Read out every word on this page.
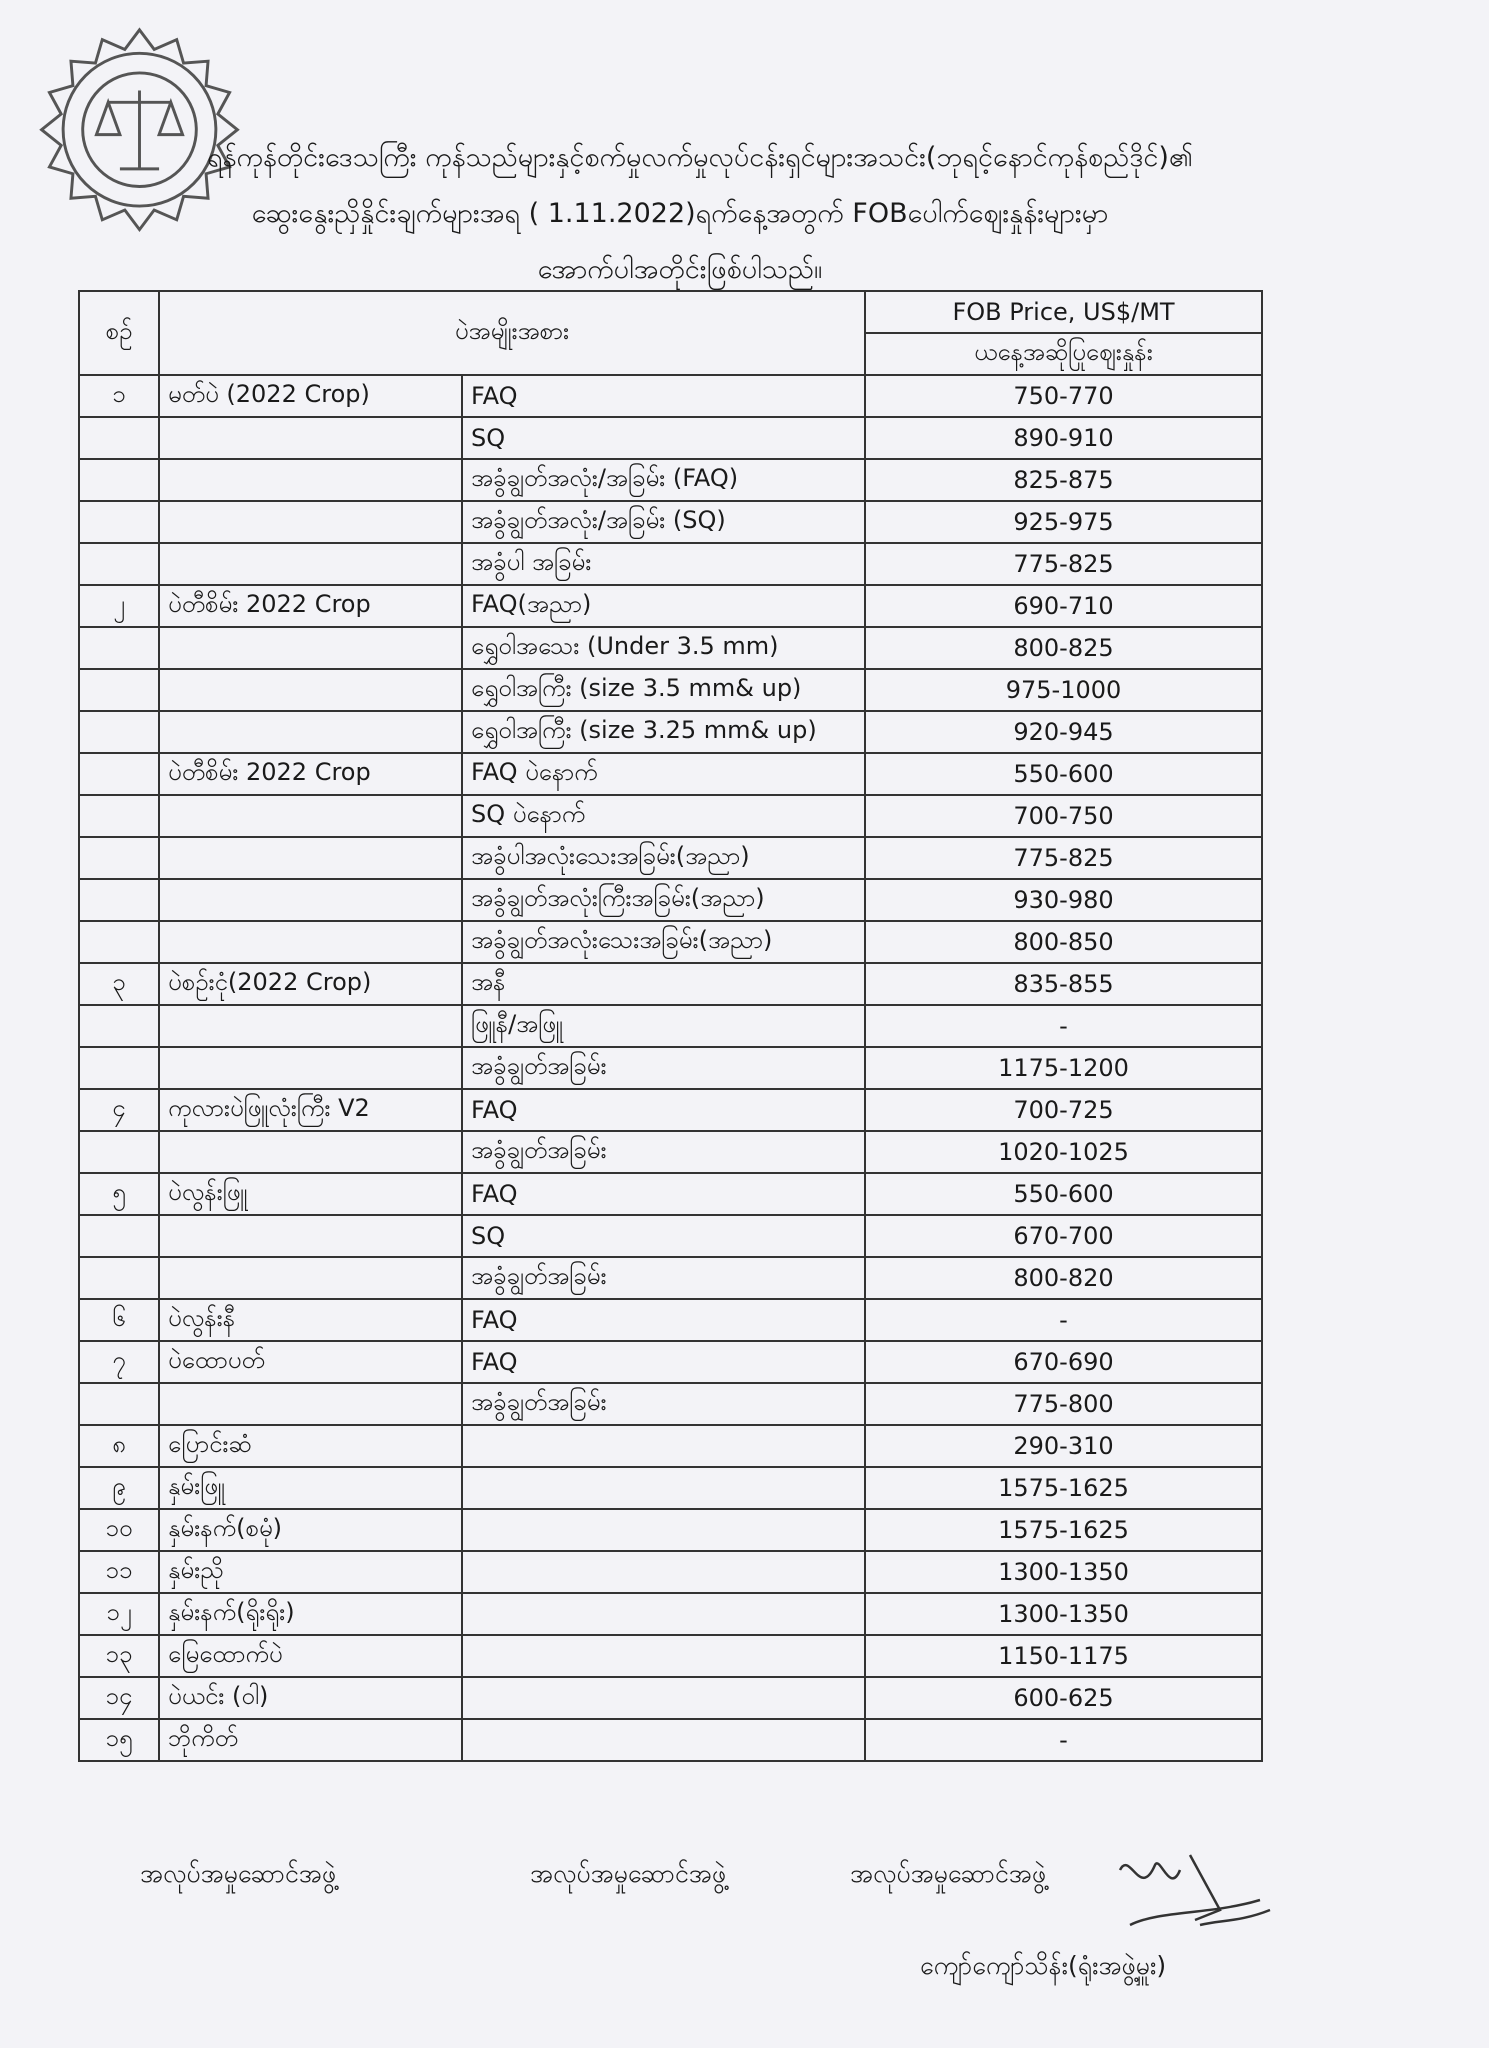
ရန်ကုန်တိုင်းဒေသကြီး ကုန်သည်များနှင့်စက်မှုလက်မှုလုပ်ငန်းရှင်များအသင်း(ဘုရင့်နောင်ကုန်စည်ဒိုင်)၏
ဆွေးနွေးညှိနှိုင်းချက်များအရ ( 1.11.2022)ရက်နေ့အတွက် FOBပေါက်ဈေးနှုန်းများမှာ
အောက်ပါအတိုင်းဖြစ်ပါသည်။
စဉ်	ပဲအမျိုးအစား		FOB Price, US$/MT
			ယနေ့အဆိုပြုဈေးနှုန်း
၁	မတ်ပဲ (2022 Crop)	FAQ	750-770
		SQ	890-910
		အခွံချွတ်အလုံး/အခြမ်း (FAQ)	825-875
		အခွံချွတ်အလုံး/အခြမ်း (SQ)	925-975
		အခွံပါ အခြမ်း	775-825
၂	ပဲတီစိမ်း 2022 Crop	FAQ(အညာ)	690-710
		ရွှေဝါအသေး (Under 3.5 mm)	800-825
		ရွှေဝါအကြီး (size 3.5 mm& up)	975-1000
		ရွှေဝါအကြီး (size 3.25 mm& up)	920-945
	ပဲတီစိမ်း 2022 Crop	FAQ ပဲနောက်	550-600
		SQ ပဲနောက်	700-750
		အခွံပါအလုံးသေးအခြမ်း(အညာ)	775-825
		အခွံချွတ်အလုံးကြီးအခြမ်း(အညာ)	930-980
		အခွံချွတ်အလုံးသေးအခြမ်း(အညာ)	800-850
၃	ပဲစဉ်းငုံ(2022 Crop)	အနီ	835-855
		ဖြူနီ/အဖြူ	-
		အခွံချွတ်အခြမ်း	1175-1200
၄	ကုလားပဲဖြူလုံးကြီး V2	FAQ	700-725
		အခွံချွတ်အခြမ်း	1020-1025
၅	ပဲလွန်းဖြူ	FAQ	550-600
		SQ	670-700
		အခွံချွတ်အခြမ်း	800-820
၆	ပဲလွန်းနီ	FAQ	-
၇	ပဲထောပတ်	FAQ	670-690
		အခွံချွတ်အခြမ်း	775-800
၈	ပြောင်းဆံ		290-310
၉	နှမ်းဖြူ		1575-1625
၁၀	နှမ်းနက်(စမုံ)		1575-1625
၁၁	နှမ်းညို		1300-1350
၁၂	နှမ်းနက်(ရိုးရိုး)		1300-1350
၁၃	မြေထောက်ပဲ		1150-1175
၁၄	ပဲယင်း (ဝါ)		600-625
၁၅	ဘိုကိတ်		-
အလုပ်အမှုဆောင်အဖွဲ့	အလုပ်အမှုဆောင်အဖွဲ့	အလုပ်အမှုဆောင်အဖွဲ့
ကျော်ကျော်သိန်း(ရုံးအဖွဲ့မှူး)
